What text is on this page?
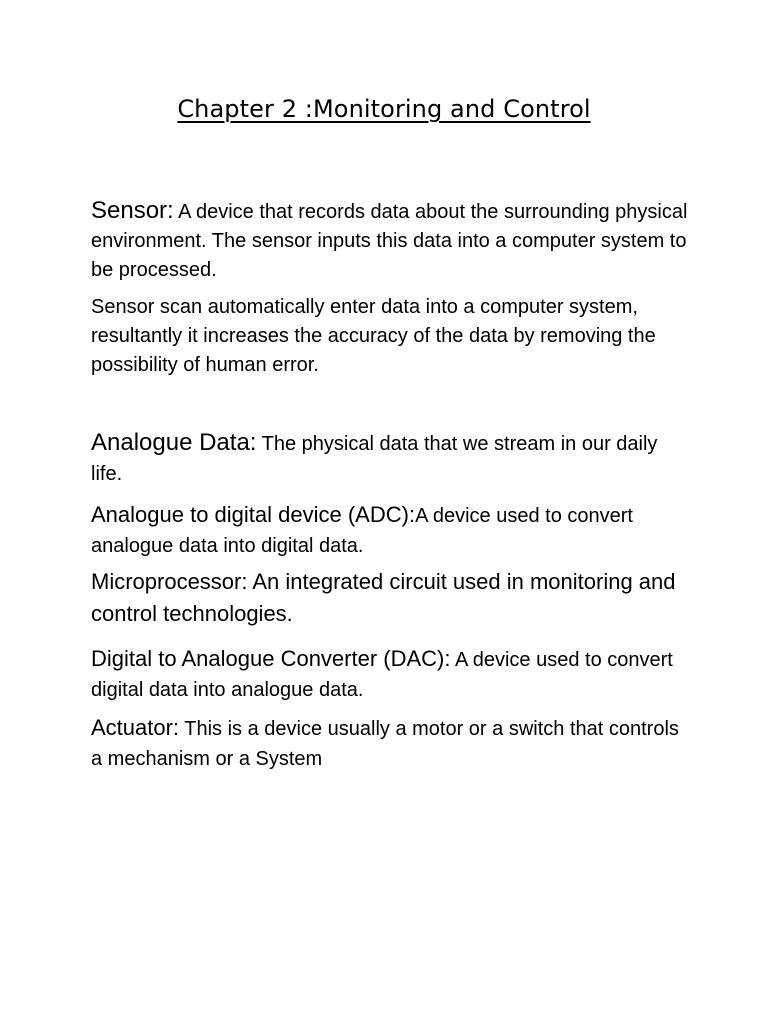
Chapter 2 :Monitoring and Control

Sensor: A device that records data about the surrounding physical environment. The sensor inputs this data into a computer system to be processed.

Sensor scan automatically enter data into a computer system, resultantly it increases the accuracy of the data by removing the possibility of human error.

Analogue Data: The physical data that we stream in our daily life.

Analogue to digital device (ADC):A device used to convert analogue data into digital data.

Microprocessor: An integrated circuit used in monitoring and control technologies.

Digital to Analogue Converter (DAC): A device used to convert digital data into analogue data.

Actuator: This is a device usually a motor or a switch that controls a mechanism or a System
